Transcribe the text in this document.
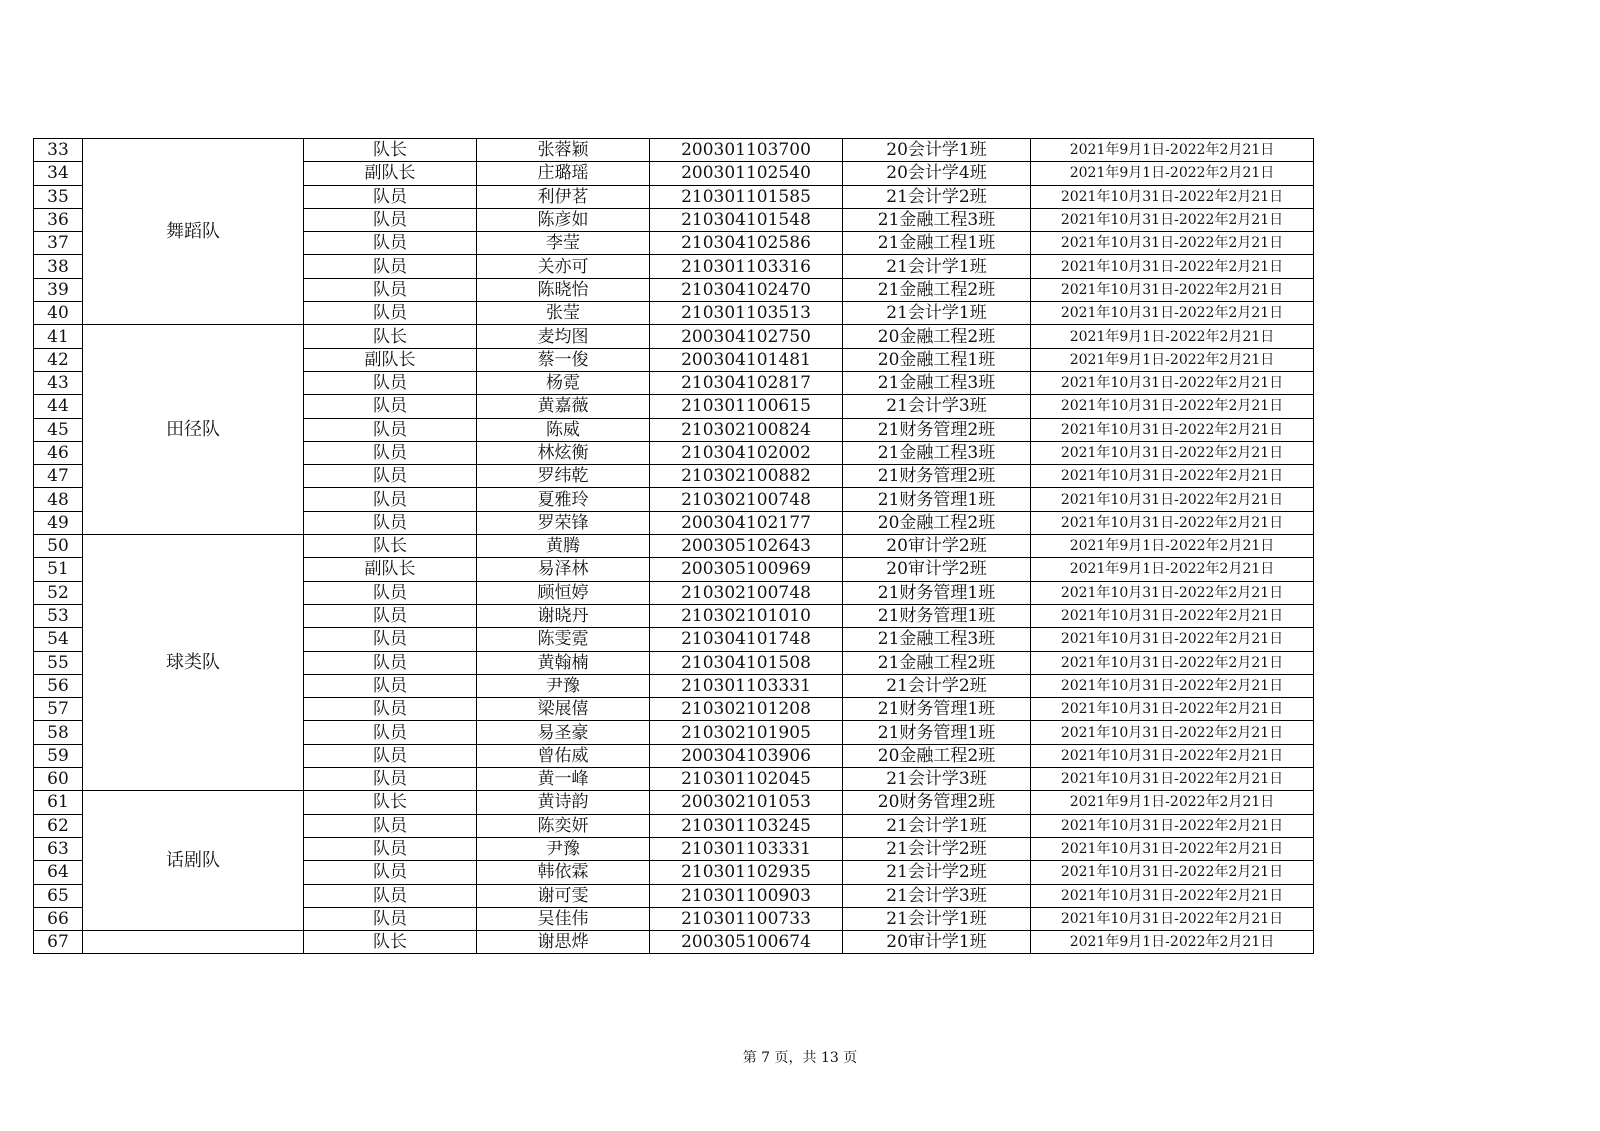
33	舞蹈队	队长	张蓉颖	200301103700	20会计学1班	2021年9月1日-2022年2月21日
34		副队长	庄璐瑶	200301102540	20会计学4班	2021年9月1日-2022年2月21日
35		队员	利伊茗	210301101585	21会计学2班	2021年10月31日-2022年2月21日
36		队员	陈彦如	210304101548	21金融工程3班	2021年10月31日-2022年2月21日
37		队员	李莹	210304102586	21金融工程1班	2021年10月31日-2022年2月21日
38		队员	关亦可	210301103316	21会计学1班	2021年10月31日-2022年2月21日
39		队员	陈晓怡	210304102470	21金融工程2班	2021年10月31日-2022年2月21日
40		队员	张莹	210301103513	21会计学1班	2021年10月31日-2022年2月21日
41	田径队	队长	麦均图	200304102750	20金融工程2班	2021年9月1日-2022年2月21日
42		副队长	蔡一俊	200304101481	20金融工程1班	2021年9月1日-2022年2月21日
43		队员	杨霓	210304102817	21金融工程3班	2021年10月31日-2022年2月21日
44		队员	黄嘉薇	210301100615	21会计学3班	2021年10月31日-2022年2月21日
45		队员	陈威	210302100824	21财务管理2班	2021年10月31日-2022年2月21日
46		队员	林炫衡	210304102002	21金融工程3班	2021年10月31日-2022年2月21日
47		队员	罗纬乾	210302100882	21财务管理2班	2021年10月31日-2022年2月21日
48		队员	夏雅玲	210302100748	21财务管理1班	2021年10月31日-2022年2月21日
49		队员	罗荣锋	200304102177	20金融工程2班	2021年10月31日-2022年2月21日
50	球类队	队长	黄腾	200305102643	20审计学2班	2021年9月1日-2022年2月21日
51		副队长	易泽林	200305100969	20审计学2班	2021年9月1日-2022年2月21日
52		队员	顾恒婷	210302100748	21财务管理1班	2021年10月31日-2022年2月21日
53		队员	谢晓丹	210302101010	21财务管理1班	2021年10月31日-2022年2月21日
54		队员	陈雯霓	210304101748	21金融工程3班	2021年10月31日-2022年2月21日
55		队员	黄翰楠	210304101508	21金融工程2班	2021年10月31日-2022年2月21日
56		队员	尹豫	210301103331	21会计学2班	2021年10月31日-2022年2月21日
57		队员	梁展僖	210302101208	21财务管理1班	2021年10月31日-2022年2月21日
58		队员	易圣豪	210302101905	21财务管理1班	2021年10月31日-2022年2月21日
59		队员	曾佑威	200304103906	20金融工程2班	2021年10月31日-2022年2月21日
60		队员	黄一峰	210301102045	21会计学3班	2021年10月31日-2022年2月21日
61	话剧队	队长	黄诗韵	200302101053	20财务管理2班	2021年9月1日-2022年2月21日
62		队员	陈奕妍	210301103245	21会计学1班	2021年10月31日-2022年2月21日
63		队员	尹豫	210301103331	21会计学2班	2021年10月31日-2022年2月21日
64		队员	韩依霖	210301102935	21会计学2班	2021年10月31日-2022年2月21日
65		队员	谢可雯	210301100903	21会计学3班	2021年10月31日-2022年2月21日
66		队员	吴佳伟	210301100733	21会计学1班	2021年10月31日-2022年2月21日
67		队长	谢思烨	200305100674	20审计学1班	2021年9月1日-2022年2月21日
第 7 页，共 13 页
